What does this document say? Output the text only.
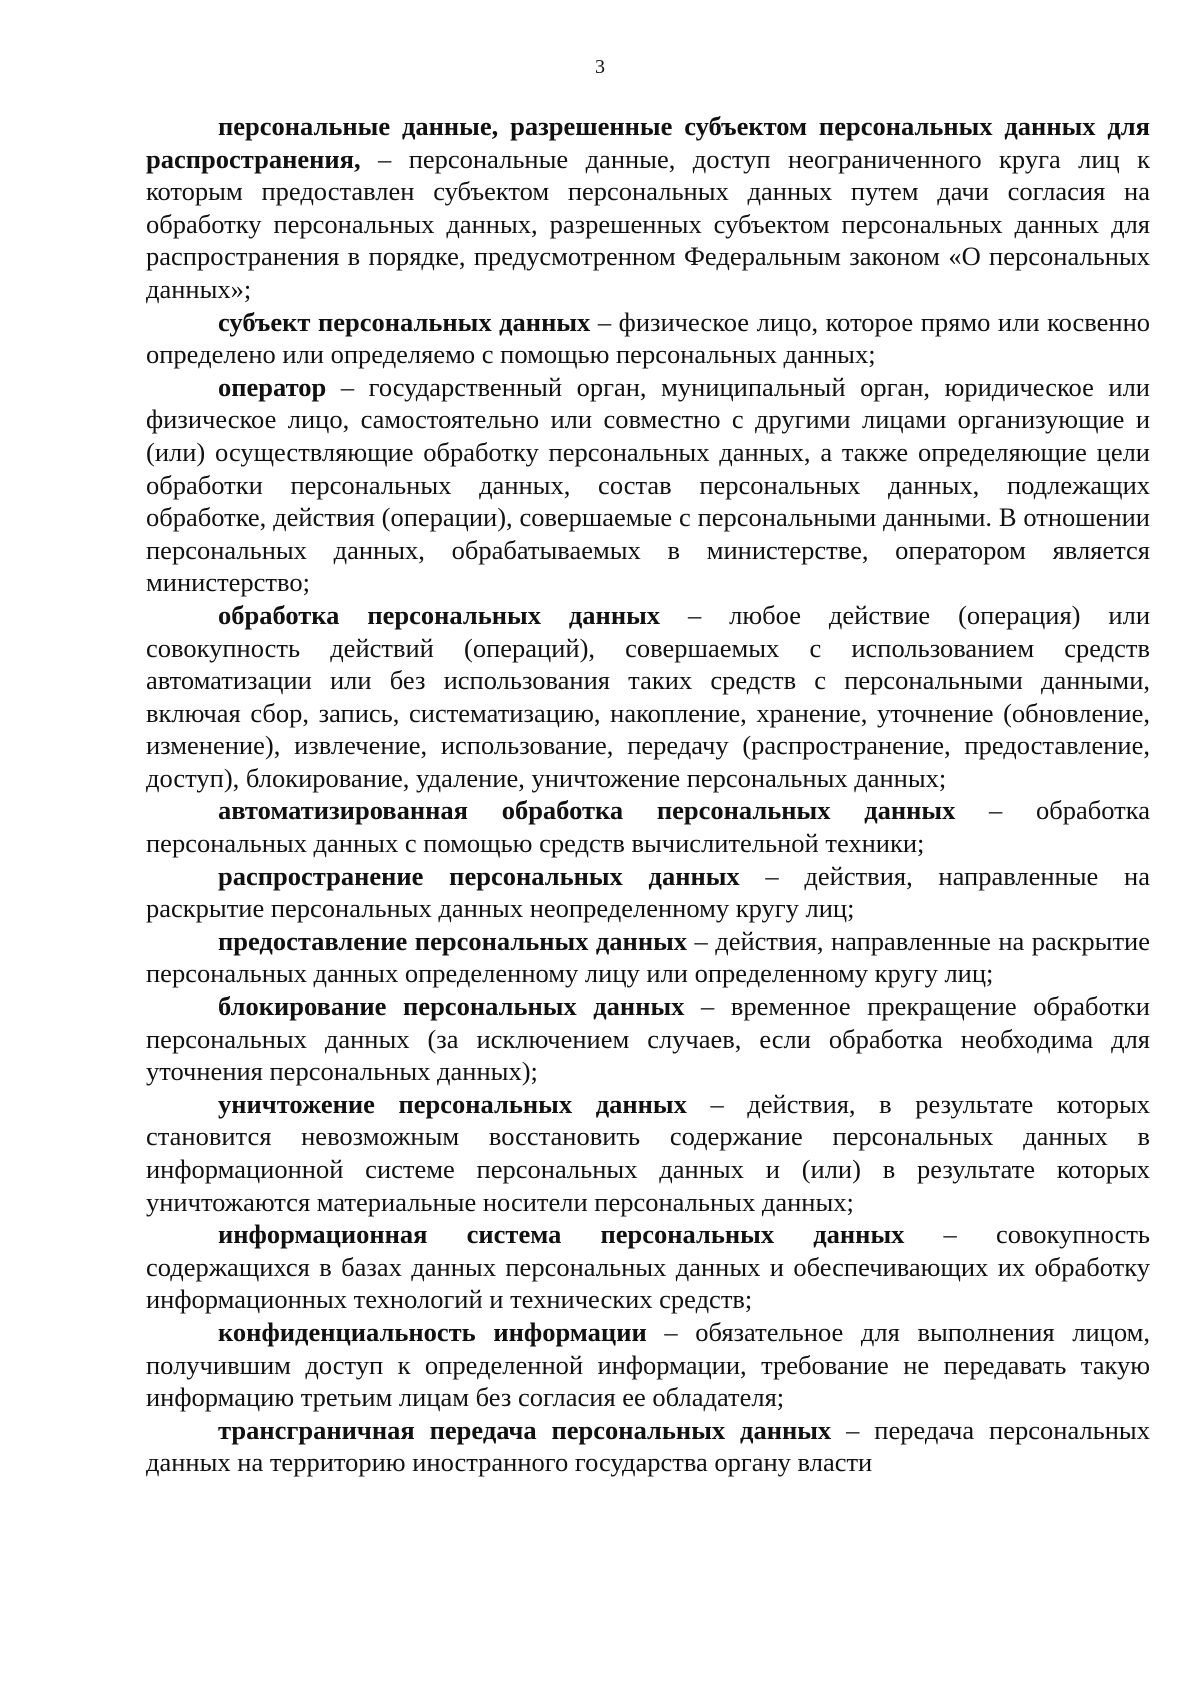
3

персональные данные, разрешенные субъектом персональных данных для распространения, – персональные данные, доступ неограниченного круга лиц к которым предоставлен субъектом персональных данных путем дачи согласия на обработку персональных данных, разрешенных субъектом персональных данных для распространения в порядке, предусмотренном Федеральным законом «О персональных данных»;

субъект персональных данных – физическое лицо, которое прямо или косвенно определено или определяемо с помощью персональных данных;

оператор – государственный орган, муниципальный орган, юридическое или физическое лицо, самостоятельно или совместно с другими лицами организующие и (или) осуществляющие обработку персональных данных, а также определяющие цели обработки персональных данных, состав персональных данных, подлежащих обработке, действия (операции), совершаемые с персональными данными. В отношении персональных данных, обрабатываемых в министерстве, оператором является министерство;

обработка персональных данных – любое действие (операция) или совокупность действий (операций), совершаемых с использованием средств автоматизации или без использования таких средств с персональными данными, включая сбор, запись, систематизацию, накопление, хранение, уточнение (обновление, изменение), извлечение, использование, передачу (распространение, предоставление, доступ), блокирование, удаление, уничтожение персональных данных;

автоматизированная обработка персональных данных – обработка персональных данных с помощью средств вычислительной техники;

распространение персональных данных – действия, направленные на раскрытие персональных данных неопределенному кругу лиц;

предоставление персональных данных – действия, направленные на раскрытие персональных данных определенному лицу или определенному кругу лиц;

блокирование персональных данных – временное прекращение обработки персональных данных (за исключением случаев, если обработка необходима для уточнения персональных данных);

уничтожение персональных данных – действия, в результате которых становится невозможным восстановить содержание персональных данных в информационной системе персональных данных и (или) в результате которых уничтожаются материальные носители персональных данных;

информационная система персональных данных – совокупность содержащихся в базах данных персональных данных и обеспечивающих их обработку информационных технологий и технических средств;

конфиденциальность информации – обязательное для выполнения лицом, получившим доступ к определенной информации, требование не передавать такую информацию третьим лицам без согласия ее обладателя;

трансграничная передача персональных данных – передача персональных данных на территорию иностранного государства органу власти
